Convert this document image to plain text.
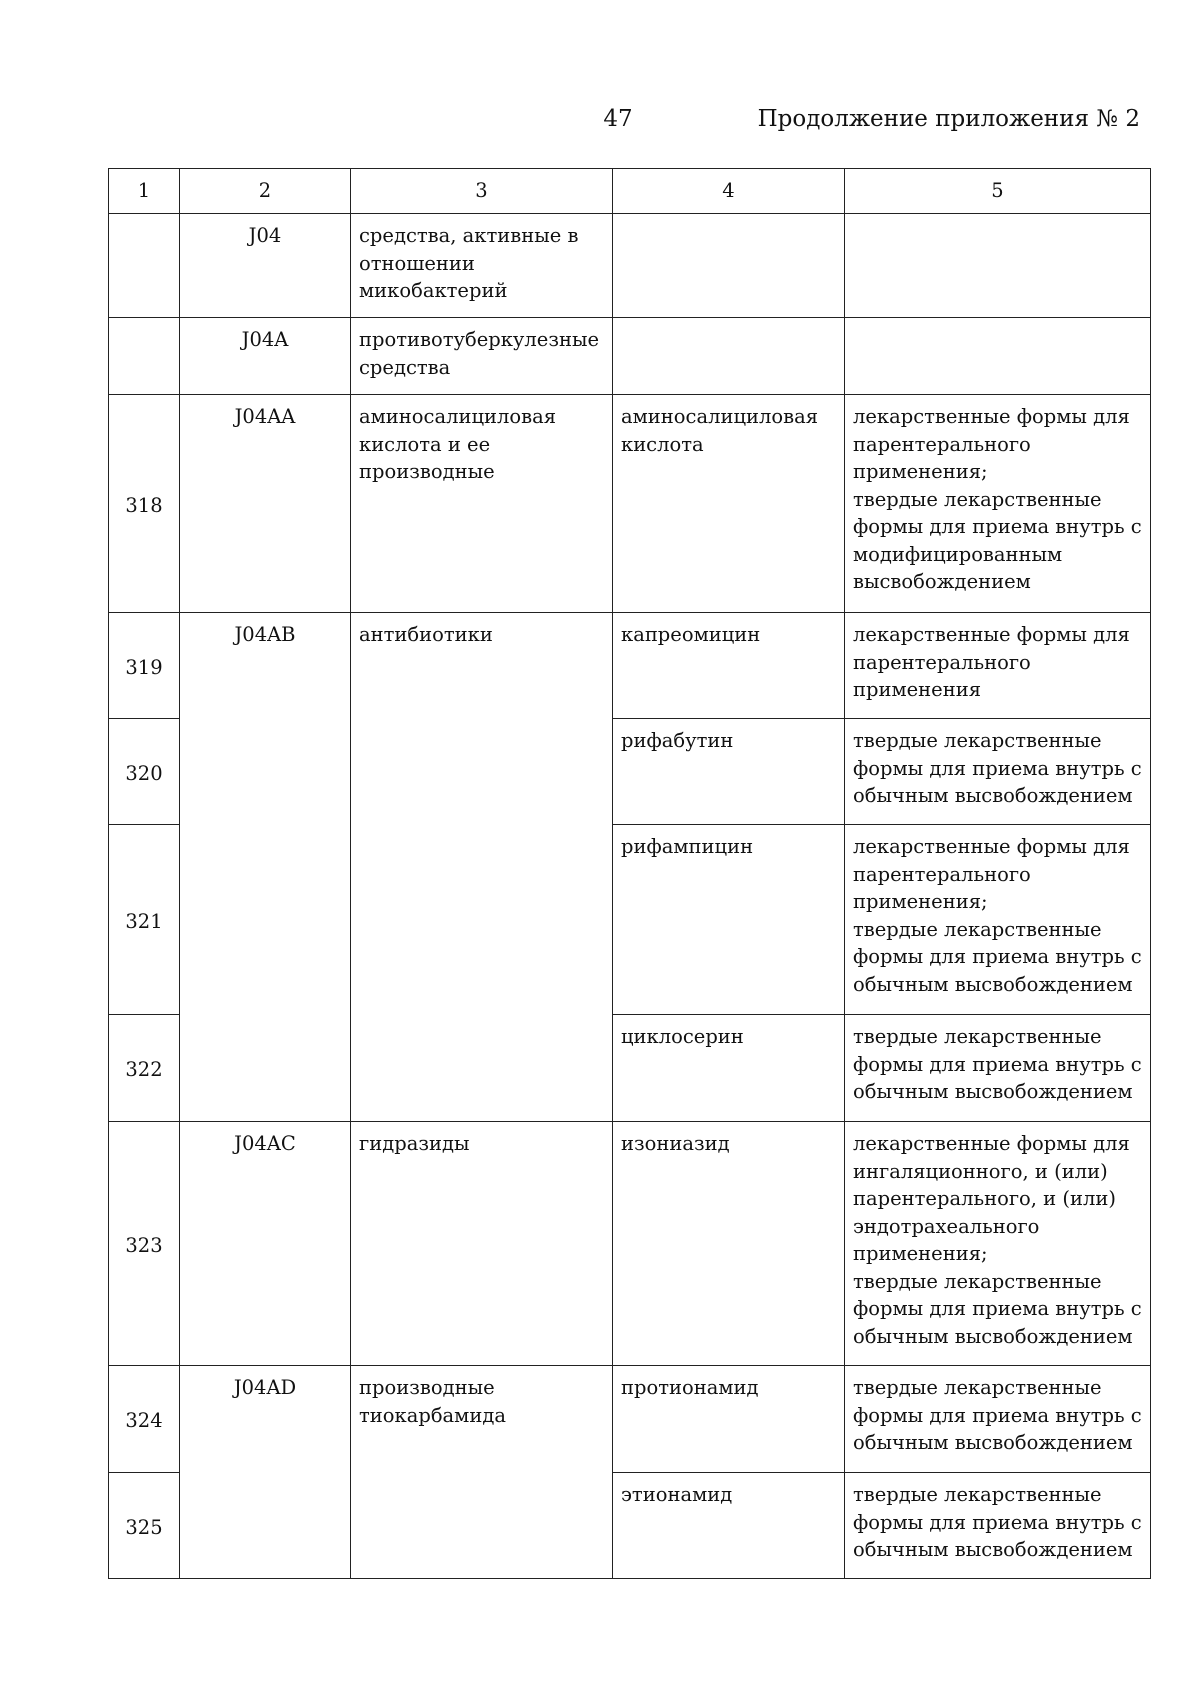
47	Продолжение приложения № 2
1	2	3	4	5
	J04	средства, активные в отношении микобактерий		
	J04A	противотуберкулезные средства		
318	J04AA	аминосалициловая кислота и ее производные	аминосалициловая кислота	лекарственные формы для парентерального применения;
твердые лекарственные формы для приема внутрь с модифицированным высвобождением

319	J04AB	антибиотики	капреомицин	лекарственные формы для парентерального применения

320			рифабутин	твердые лекарственные формы для приема внутрь с обычным высвобождением

321			рифампицин	лекарственные формы для парентерального применения;
твердые лекарственные формы для приема внутрь с обычным высвобождением

322			циклосерин	твердые лекарственные формы для приема внутрь с обычным высвобождением

323	J04AC	гидразиды	изониазид	лекарственные формы для ингаляционного, и (или) парентерального, и (или) эндотрахеального применения;
твердые лекарственные формы для приема внутрь с обычным высвобождением

324	J04AD	производные тиокарбамида	протионамид	твердые лекарственные формы для приема внутрь с обычным высвобождением

325			этионамид	твердые лекарственные формы для приема внутрь с обычным высвобождением
